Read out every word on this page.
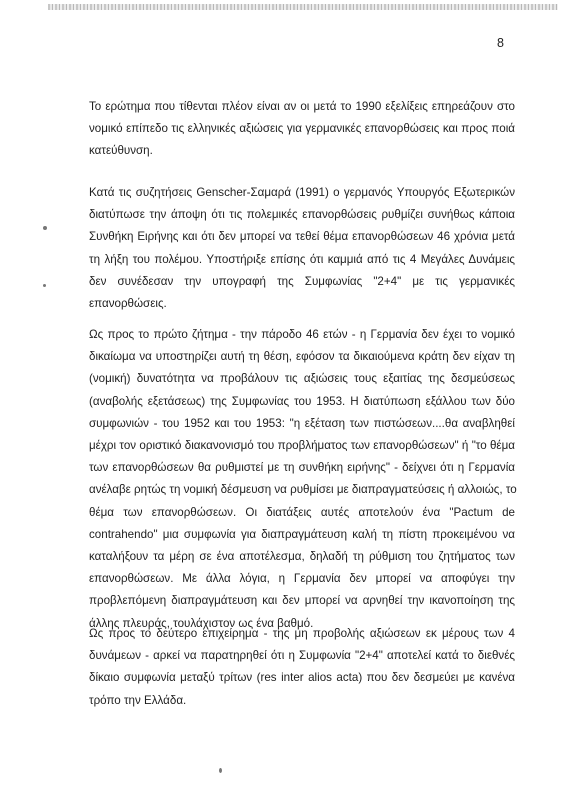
8
Το ερώτημα που τίθενται πλέον είναι αν οι μετά το 1990 εξελίξεις επηρεάζουν στο
νομικό επίπεδο τις ελληνικές αξιώσεις για γερμανικές επανορθώσεις και προς ποιά
κατεύθυνση.
Κατά τις συζητήσεις Genscher-Σαμαρά (1991) ο γερμανός Υπουργός Εξωτερικών
διατύπωσε την άποψη ότι τις πολεμικές επανορθώσεις ρυθμίζει συνήθως κάποια
Συνθήκη Ειρήνης και ότι δεν μπορεί να τεθεί θέμα επανορθώσεων 46 χρόνια μετά
τη λήξη του πολέμου. Υποστήριξε επίσης ότι καμμιά από τις 4 Μεγάλες Δυνάμεις
δεν συνέδεσαν την υπογραφή της Συμφωνίας "2+4" με τις γερμανικές
επανορθώσεις.
Ως προς το πρώτο ζήτημα - την πάροδο 46 ετών - η Γερμανία δεν έχει το νομικό
δικαίωμα να υποστηρίζει αυτή τη θέση, εφόσον τα δικαιούμενα κράτη δεν είχαν τη
(νομική) δυνατότητα να προβάλουν τις αξιώσεις τους εξαιτίας της δεσμεύσεως
(αναβολής εξετάσεως) της Συμφωνίας του 1953. Η διατύπωση εξάλλου των δύο
συμφωνιών - του 1952 και του 1953: "η εξέταση των πιστώσεων....θα αναβληθεί
μέχρι τον οριστικό διακανονισμό του προβλήματος των επανορθώσεων" ή "το θέμα
των επανορθώσεων θα ρυθμιστεί με τη συνθήκη ειρήνης" - δείχνει ότι η Γερμανία
ανέλαβε ρητώς τη νομική δέσμευση να ρυθμίσει με διαπραγματεύσεις ή αλλοιώς, το
θέμα των επανορθώσεων. Οι διατάξεις αυτές αποτελούν ένα "Pactum de
contrahendo" μια συμφωνία για διαπραγμάτευση καλή τη πίστη προκειμένου να
καταλήξουν τα μέρη σε ένα αποτέλεσμα, δηλαδή τη ρύθμιση του ζητήματος των
επανορθώσεων. Με άλλα λόγια, η Γερμανία δεν μπορεί να αποφύγει την
προβλεπόμενη διαπραγμάτευση και δεν μπορεί να αρνηθεί την ικανοποίηση της
άλλης πλευράς, τουλάχιστον ως ένα βαθμό.
Ως προς το δεύτερο επιχείρημα - της μη προβολής αξιώσεων εκ μέρους των 4
δυνάμεων - αρκεί να παρατηρηθεί ότι η Συμφωνία "2+4" αποτελεί κατά το διεθνές
δίκαιο συμφωνία μεταξύ τρίτων (res inter alios acta) που δεν δεσμεύει με κανένα
τρόπο την Ελλάδα.
